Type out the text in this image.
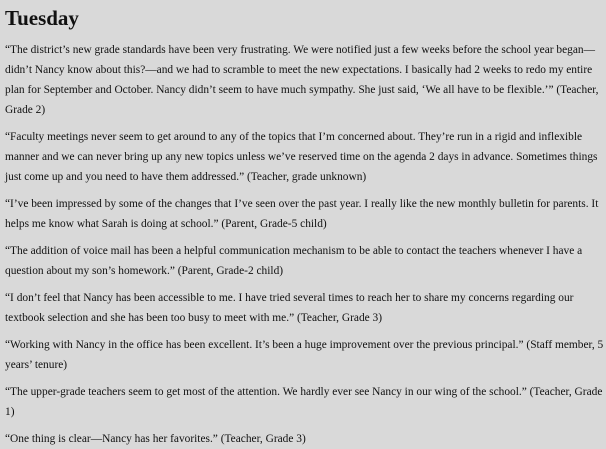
Tuesday

“The district’s new grade standards have been very frustrating. We were notified just a few weeks before the school year began—didn’t Nancy know about this?—and we had to scramble to meet the new expectations. I basically had 2 weeks to redo my entire plan for September and October. Nancy didn’t seem to have much sympathy. She just said, ‘We all have to be flexible.’” (Teacher, Grade 2)

“Faculty meetings never seem to get around to any of the topics that I’m concerned about. They’re run in a rigid and inflexible manner and we can never bring up any new topics unless we’ve reserved time on the agenda 2 days in advance. Sometimes things just come up and you need to have them addressed.” (Teacher, grade unknown)

“I’ve been impressed by some of the changes that I’ve seen over the past year. I really like the new monthly bulletin for parents. It helps me know what Sarah is doing at school.” (Parent, Grade-5 child)

“The addition of voice mail has been a helpful communication mechanism to be able to contact the teachers whenever I have a question about my son’s homework.” (Parent, Grade-2 child)

“I don’t feel that Nancy has been accessible to me. I have tried several times to reach her to share my concerns regarding our textbook selection and she has been too busy to meet with me.” (Teacher, Grade 3)

“Working with Nancy in the office has been excellent. It’s been a huge improvement over the previous principal.” (Staff member, 5 years’ tenure)

“The upper-grade teachers seem to get most of the attention. We hardly ever see Nancy in our wing of the school.” (Teacher, Grade 1)

“One thing is clear—Nancy has her favorites.” (Teacher, Grade 3)
